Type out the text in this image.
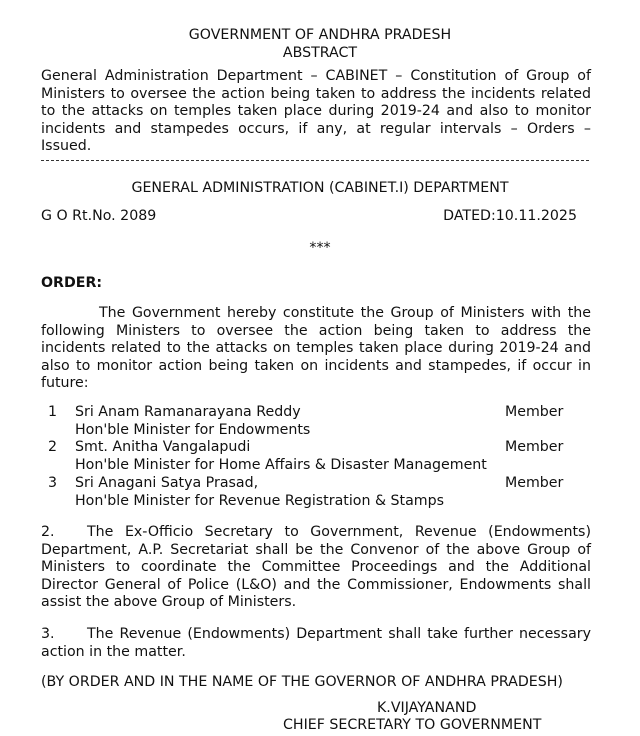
GOVERNMENT OF ANDHRA PRADESH
ABSTRACT
General Administration Department – CABINET – Constitution of Group of
Ministers to oversee the action being taken to address the incidents related
to the attacks on temples taken place during 2019-24 and also to monitor
incidents and stampedes occurs, if any, at regular intervals – Orders –
Issued.
GENERAL ADMINISTRATION (CABINET.I) DEPARTMENT
G O Rt.No. 2089	DATED:10.11.2025
***
ORDER:
The Government hereby constitute the Group of Ministers with the
following Ministers to oversee the action being taken to address the
incidents related to the attacks on temples taken place during 2019-24 and
also to monitor action being taken on incidents and stampedes, if occur in
future:
1 Sri Anam Ramanarayana Reddy	Member
Hon'ble Minister for Endowments
2 Smt. Anitha Vangalapudi	Member
Hon'ble Minister for Home Affairs & Disaster Management
3 Sri Anagani Satya Prasad,	Member
Hon'ble Minister for Revenue Registration & Stamps
2.	The Ex-Officio Secretary to Government, Revenue (Endowments)
Department, A.P. Secretariat shall be the Convenor of the above Group of
Ministers to coordinate the Committee Proceedings and the Additional
Director General of Police (L&O) and the Commissioner, Endowments shall
assist the above Group of Ministers.
3.	The Revenue (Endowments) Department shall take further necessary
action in the matter.
(BY ORDER AND IN THE NAME OF THE GOVERNOR OF ANDHRA PRADESH)
K.VIJAYANAND
CHIEF SECRETARY TO GOVERNMENT
